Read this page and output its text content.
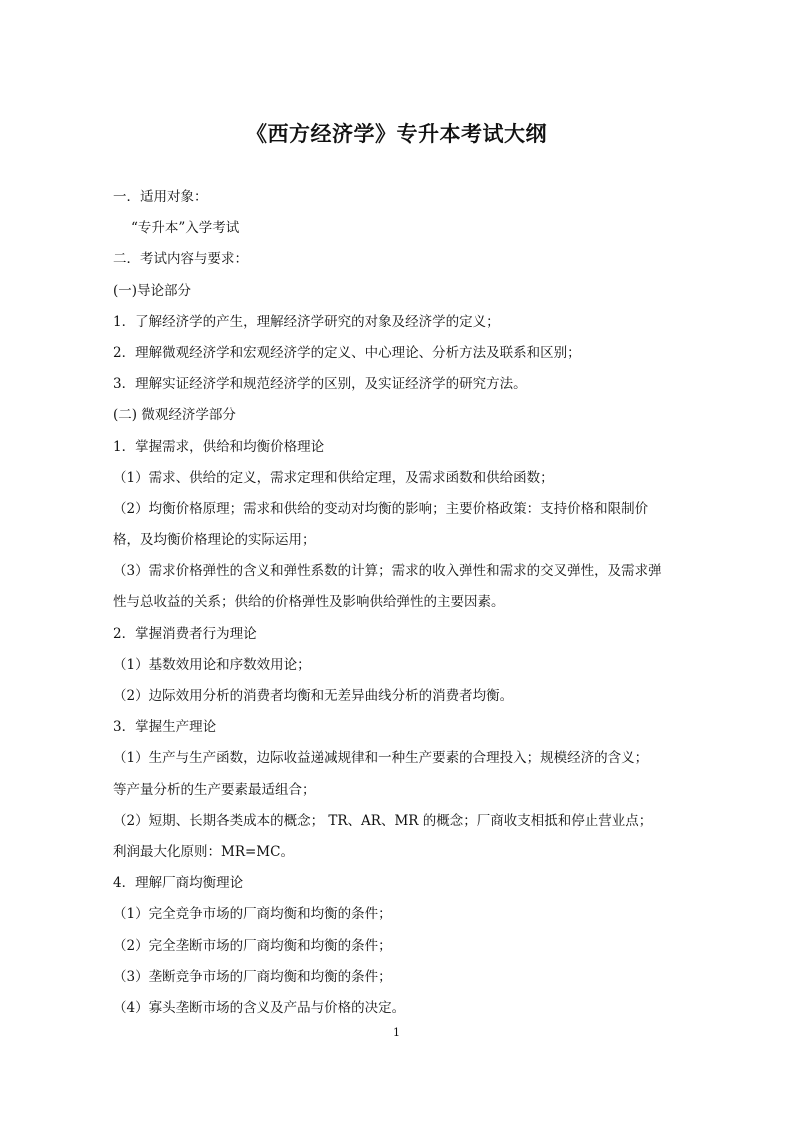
《西方经济学》专升本考试大纲
一．适用对象：
“专升本”入学考试
二．考试内容与要求：
(一)导论部分
1．了解经济学的产生，理解经济学研究的对象及经济学的定义；
2．理解微观经济学和宏观经济学的定义、中心理论、分析方法及联系和区别；
3．理解实证经济学和规范经济学的区别，及实证经济学的研究方法。
(二) 微观经济学部分
1．掌握需求，供给和均衡价格理论
（1）需求、供给的定义，需求定理和供给定理，及需求函数和供给函数；
（2）均衡价格原理；需求和供给的变动对均衡的影响；主要价格政策：支持价格和限制价
格，及均衡价格理论的实际运用；
（3）需求价格弹性的含义和弹性系数的计算；需求的收入弹性和需求的交叉弹性，及需求弹
性与总收益的关系；供给的价格弹性及影响供给弹性的主要因素。
2．掌握消费者行为理论
（1）基数效用论和序数效用论；
（2）边际效用分析的消费者均衡和无差异曲线分析的消费者均衡。
3．掌握生产理论
（1）生产与生产函数，边际收益递减规律和一种生产要素的合理投入；规模经济的含义；
等产量分析的生产要素最适组合；
（2）短期、长期各类成本的概念； TR、AR、MR 的概念；厂商收支相抵和停止营业点；
利润最大化原则：MR=MC。
4．理解厂商均衡理论
（1）完全竞争市场的厂商均衡和均衡的条件；
（2）完全垄断市场的厂商均衡和均衡的条件；
（3）垄断竞争市场的厂商均衡和均衡的条件；
（4）寡头垄断市场的含义及产品与价格的决定。
1
